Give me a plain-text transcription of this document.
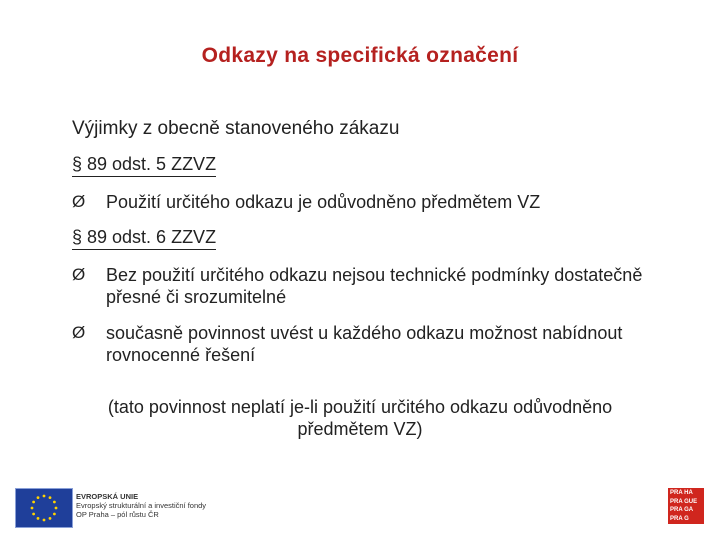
Odkazy na specifická označení
Výjimky z obecně stanoveného zákazu
§ 89 odst. 5 ZZVZ
Ø Použití určitého odkazu je odůvodněno předmětem VZ
§ 89 odst. 6 ZZVZ
Ø Bez použití určitého odkazu nejsou technické podmínky dostatečně přesné či srozumitelné
Ø současně povinnost uvést u každého odkazu možnost nabídnout rovnocenné řešení
(tato povinnost neplatí je-li použití určitého odkazu odůvodněno předmětem VZ)
EVROPSKÁ UNIE
Evropský strukturální a investiční fondy
OP Praha – pól růstu ČR
PRA HA
PRA GUE
PRA GA
PRA G
